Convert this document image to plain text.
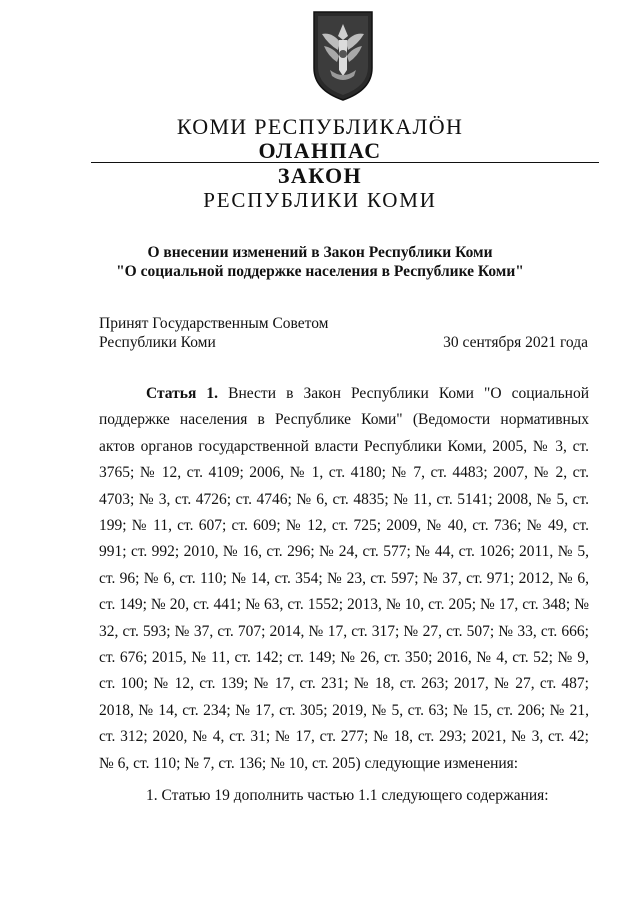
КОМИ РЕСПУБЛИКАЛÖН
ОЛАНПАС
ЗАКОН
РЕСПУБЛИКИ КОМИ
О внесении изменений в Закон Республики Коми
"О социальной поддержке населения в Республике Коми"
Принят Государственным Советом
Республики Коми	30 сентября 2021 года

Статья 1. Внести в Закон Республики Коми "О социальной поддержке населения в Республике Коми" (Ведомости нормативных актов органов государственной власти Республики Коми, 2005, № 3, ст. 3765; № 12, ст. 4109; 2006, № 1, ст. 4180; № 7, ст. 4483; 2007, № 2, ст. 4703; № 3, ст. 4726; ст. 4746; № 6, ст. 4835; № 11, ст. 5141; 2008, № 5, ст. 199; № 11, ст. 607; ст. 609; № 12, ст. 725; 2009, № 40, ст. 736; № 49, ст. 991; ст. 992; 2010, № 16, ст. 296; № 24, ст. 577; № 44, ст. 1026; 2011, № 5, ст. 96; № 6, ст. 110; № 14, ст. 354; № 23, ст. 597; № 37, ст. 971; 2012, № 6, ст. 149; № 20, ст. 441; № 63, ст. 1552; 2013, № 10, ст. 205; № 17, ст. 348; № 32, ст. 593; № 37, ст. 707; 2014, № 17, ст. 317; № 27, ст. 507; № 33, ст. 666; ст. 676; 2015, № 11, ст. 142; ст. 149; № 26, ст. 350; 2016, № 4, ст. 52; № 9, ст. 100; № 12, ст. 139; № 17, ст. 231; № 18, ст. 263; 2017, № 27, ст. 487; 2018, № 14, ст. 234; № 17, ст. 305; 2019, № 5, ст. 63; № 15, ст. 206; № 21, ст. 312; 2020, № 4, ст. 31; № 17, ст. 277; № 18, ст. 293; 2021, № 3, ст. 42;

№ 6, ст. 110; № 7, ст. 136; № 10, ст. 205) следующие изменения:
1. Статью 19 дополнить частью 1.1 следующего содержания:
